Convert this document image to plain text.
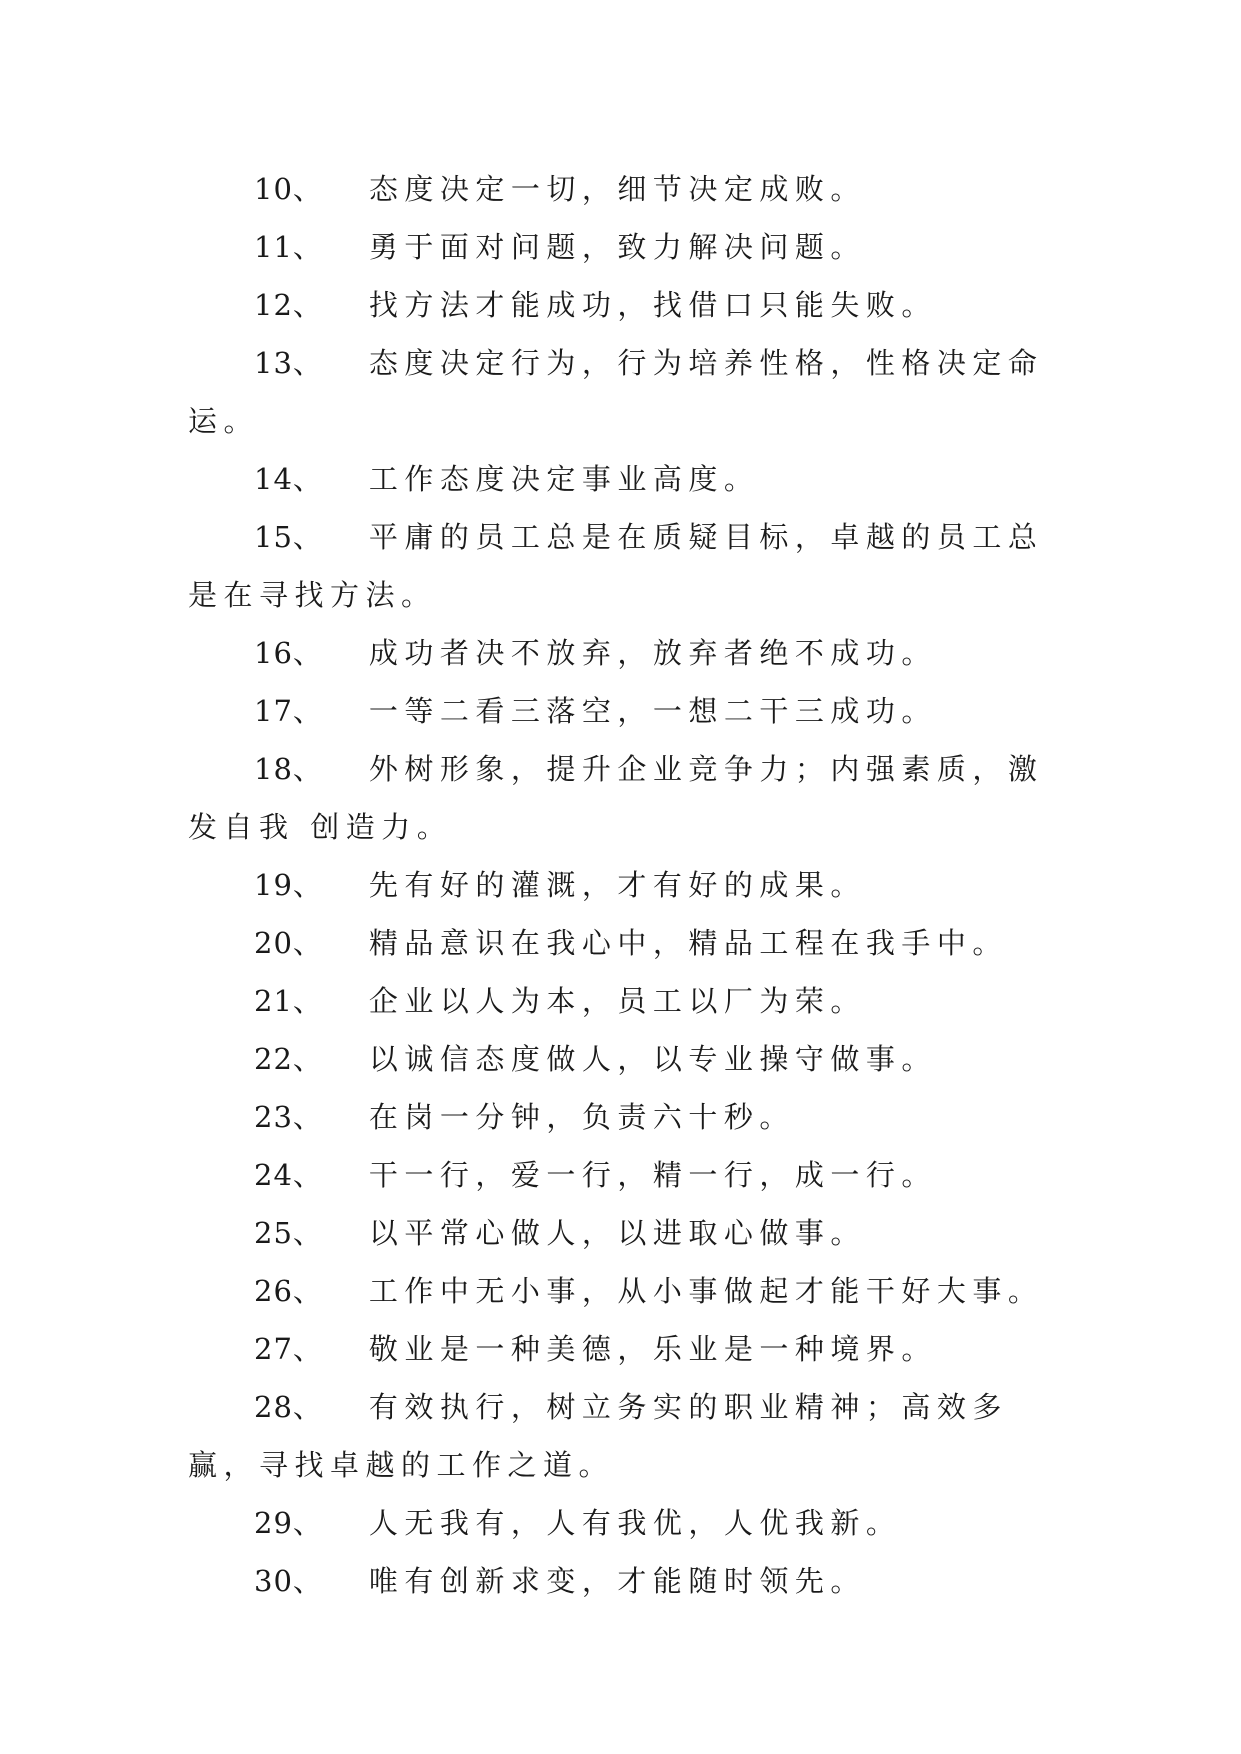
10、 态度决定一切，细节决定成败。

11、 勇于面对问题，致力解决问题。

12、 找方法才能成功，找借口只能失败。

13、 态度决定行为，行为培养性格，性格决定命运。

14、 工作态度决定事业高度。

15、 平庸的员工总是在质疑目标，卓越的员工总是在寻找方法。

16、 成功者决不放弃，放弃者绝不成功。

17、 一等二看三落空，一想二干三成功。

18、 外树形象，提升企业竞争力；内强素质，激发自我 创造力。

19、 先有好的灌溉，才有好的成果。

20、 精品意识在我心中，精品工程在我手中。

21、 企业以人为本，员工以厂为荣。

22、 以诚信态度做人，以专业操守做事。

23、 在岗一分钟，负责六十秒。

24、 干一行，爱一行，精一行，成一行。

25、 以平常心做人，以进取心做事。

26、 工作中无小事，从小事做起才能干好大事。

27、 敬业是一种美德，乐业是一种境界。

28、 有效执行，树立务实的职业精神；高效多赢，寻找卓越的工作之道。

29、 人无我有，人有我优，人优我新。

30、 唯有创新求变，才能随时领先。
